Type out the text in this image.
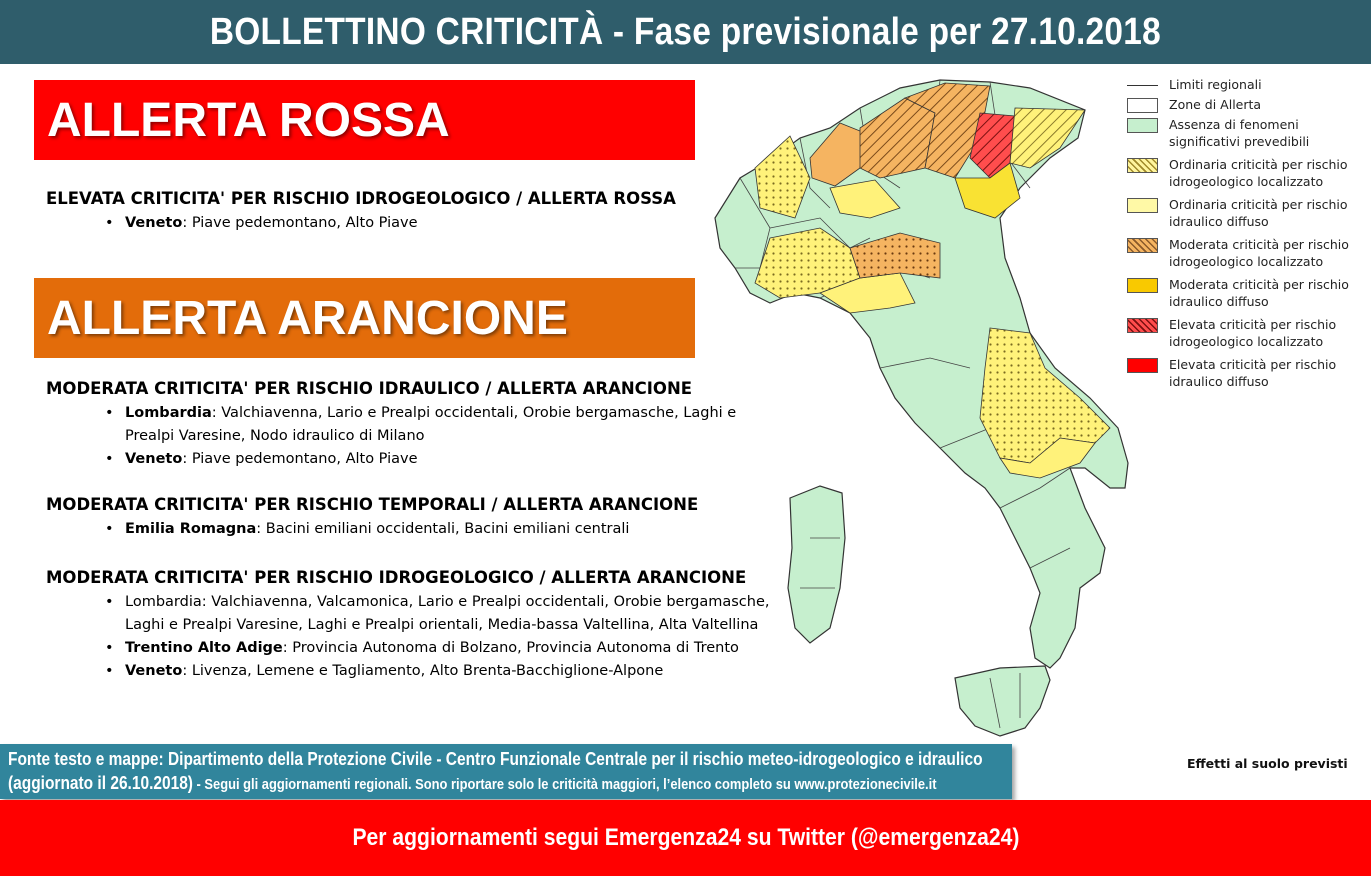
BOLLETTINO CRITICITÀ - Fase previsionale per 27.10.2018
ALLERTA ROSSA
ELEVATA CRITICITA' PER RISCHIO IDROGEOLOGICO / ALLERTA ROSSA
• Veneto: Piave pedemontano, Alto Piave
ALLERTA ARANCIONE
MODERATA CRITICITA' PER RISCHIO IDRAULICO / ALLERTA ARANCIONE
• Lombardia: Valchiavenna, Lario e Prealpi occidentali, Orobie bergamasche, Laghi e Prealpi Varesine, Nodo idraulico di Milano
• Veneto: Piave pedemontano, Alto Piave
MODERATA CRITICITA' PER RISCHIO TEMPORALI / ALLERTA ARANCIONE
• Emilia Romagna: Bacini emiliani occidentali, Bacini emiliani centrali
MODERATA CRITICITA' PER RISCHIO IDROGEOLOGICO / ALLERTA ARANCIONE
• Lombardia: Valchiavenna, Valcamonica, Lario e Prealpi occidentali, Orobie bergamasche, Laghi e Prealpi Varesine, Laghi e Prealpi orientali, Media-bassa Valtellina, Alta Valtellina
• Trentino Alto Adige: Provincia Autonoma di Bolzano, Provincia Autonoma di Trento
• Veneto: Livenza, Lemene e Tagliamento, Alto Brenta-Bacchiglione-Alpone
Limiti regionali
Zone di Allerta
Assenza di fenomeni significativi prevedibili
Ordinaria criticità per rischio idrogeologico localizzato
Ordinaria criticità per rischio idraulico diffuso
Moderata criticità per rischio idrogeologico localizzato
Moderata criticità per rischio idraulico diffuso
Elevata criticità per rischio idrogeologico localizzato
Elevata criticità per rischio idraulico diffuso
Effetti al suolo previsti
Fonte testo e mappe: Dipartimento della Protezione Civile - Centro Funzionale Centrale per il rischio meteo-idrogeologico e idraulico
(aggiornato il 26.10.2018) - Segui gli aggiornamenti regionali. Sono riportare solo le criticità maggiori, l’elenco completo su www.protezionecivile.it
Per aggiornamenti segui Emergenza24 su Twitter (@emergenza24)
